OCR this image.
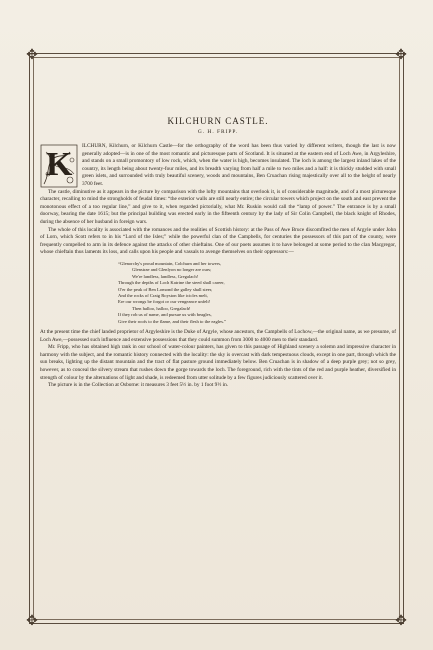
✥	✥
✥	✥
KILCHURN CASTLE.
G. H. FRIPP.

K ILCHURN, Kilchurn, or Kilchurn Castle—for the orthography of the word has been thus varied by different writers, though the last is now generally adopted—is in one of the most romantic and picturesque parts of Scotland. It is situated at the eastern end of Loch Awe, in Argyleshire, and stands on a small promontory of low rock, which, when the water is high, becomes insulated. The loch is among the largest inland lakes of the country, its length being about twenty-four miles, and its breadth varying from half a mile to two miles and a half: it is thickly studded with small green islets, and surrounded with truly beautiful scenery, woods and mountains, Ben Cruachan rising majestically over all to the height of nearly 3700 feet.

The castle, diminutive as it appears in the picture by comparison with the lofty mountains that overlook it, is of considerable magnitude, and of a most picturesque character, recalling to mind the strongholds of feudal times: “the exterior walls are still nearly entire; the circular towers which project on the south and east prevent the monotonous effect of a too regular line,” and give to it, when regarded pictorially, what Mr. Ruskin would call the “lamp of power.” The entrance is by a small doorway, bearing the date 1615; but the principal building was erected early in the fifteenth century by the lady of Sir Colin Campbell, the black knight of Rhodes, during the absence of her husband in foreign wars.

The whole of this locality is associated with the romances and the realities of Scottish history: at the Pass of Awe Bruce discomfited the men of Argyle under John of Lorn, which Scott refers to in his “Lord of the Isles;” while the powerful clan of the Campbells, for centuries the possessors of this part of the county, were frequently compelled to arm in its defence against the attacks of other chieftains. One of our poets assumes it to have belonged at some period to the clan Macgregor, whose chieftain thus laments its loss, and calls upon his people and vassals to avenge themselves on their oppressors:—

“Glenorchy's proud mountain, Colchurn and her towers,
Glenstrae and Glenlyon no longer are ours;
We're landless, landless, Gregalach!
Through the depths of Loch Katrine the steed shall career,
O'er the peak of Ben Lomond the galley shall steer,
And the rocks of Craig Royston like icicles melt,
Ere our wrongs be forgot or our vengeance unfelt!
Then halloo, halloo, Gregalach!
If they rob us of name, and pursue us with beagles,
Give their roofs to the flame, and their flesh to the eagles.”

At the present time the chief landed proprietor of Argyleshire is the Duke of Argyle, whose ancestors, the Campbells of Lochow,—the original name, as we presume, of Loch Awe,—possessed such influence and extensive possessions that they could summon from 3000 to 4000 men to their standard.

Mr. Fripp, who has obtained high rank in our school of water-colour painters, has given to this passage of Highland scenery a solemn and impressive character in harmony with the subject, and the romantic history connected with the locality: the sky is overcast with dark tempestuous clouds, except in one part, through which the sun breaks, lighting up the distant mountain and the tract of flat pasture ground immediately below. Ben Cruachan is in shadow of a deep purple grey; not so grey, however, as to conceal the silvery stream that rushes down the gorge towards the loch. The foreground, rich with the tints of the red and purple heather, diversified in strength of colour by the alternations of light and shade, is redeemed from utter solitude by a few figures judiciously scattered over it.

The picture is in the Collection at Osborne: it measures 3 feet 5½ in. by 1 foot 9½ in.
